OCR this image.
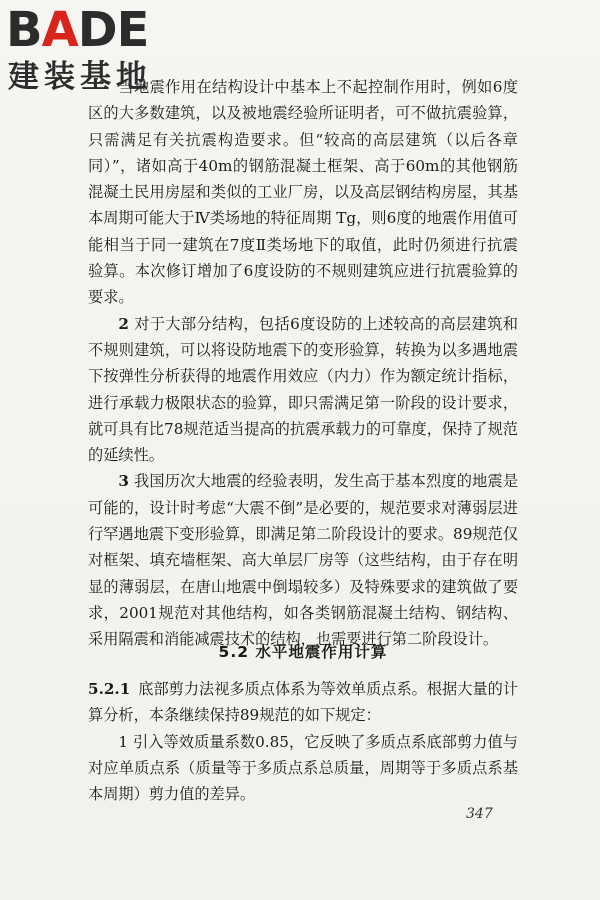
BADE
建装基地

当地震作用在结构设计中基本上不起控制作用时，例如6度区的大多数建筑，以及被地震经验所证明者，可不做抗震验算，只需满足有关抗震构造要求。但“较高的高层建筑（以后各章同）”，诸如高于40m的钢筋混凝土框架、高于60m的其他钢筋混凝土民用房屋和类似的工业厂房，以及高层钢结构房屋，其基本周期可能大于Ⅳ类场地的特征周期 Tg，则6度的地震作用值可能相当于同一建筑在7度Ⅱ类场地下的取值，此时仍须进行抗震验算。本次修订增加了6度设防的不规则建筑应进行抗震验算的要求。

2 对于大部分结构，包括6度设防的上述较高的高层建筑和不规则建筑，可以将设防地震下的变形验算，转换为以多遇地震下按弹性分析获得的地震作用效应（内力）作为额定统计指标，进行承载力极限状态的验算，即只需满足第一阶段的设计要求，就可具有比78规范适当提高的抗震承载力的可靠度，保持了规范的延续性。

3 我国历次大地震的经验表明，发生高于基本烈度的地震是可能的，设计时考虑“大震不倒”是必要的，规范要求对薄弱层进行罕遇地震下变形验算，即满足第二阶段设计的要求。89规范仅对框架、填充墙框架、高大单层厂房等（这些结构，由于存在明显的薄弱层，在唐山地震中倒塌较多）及特殊要求的建筑做了要求，2001规范对其他结构，如各类钢筋混凝土结构、钢结构、采用隔震和消能减震技术的结构，也需要进行第二阶段设计。

5.2 水平地震作用计算

5.2.1 底部剪力法视多质点体系为等效单质点系。根据大量的计算分析，本条继续保持89规范的如下规定：

1 引入等效质量系数0.85，它反映了多质点系底部剪力值与对应单质点系（质量等于多质点系总质量，周期等于多质点系基本周期）剪力值的差异。

347
